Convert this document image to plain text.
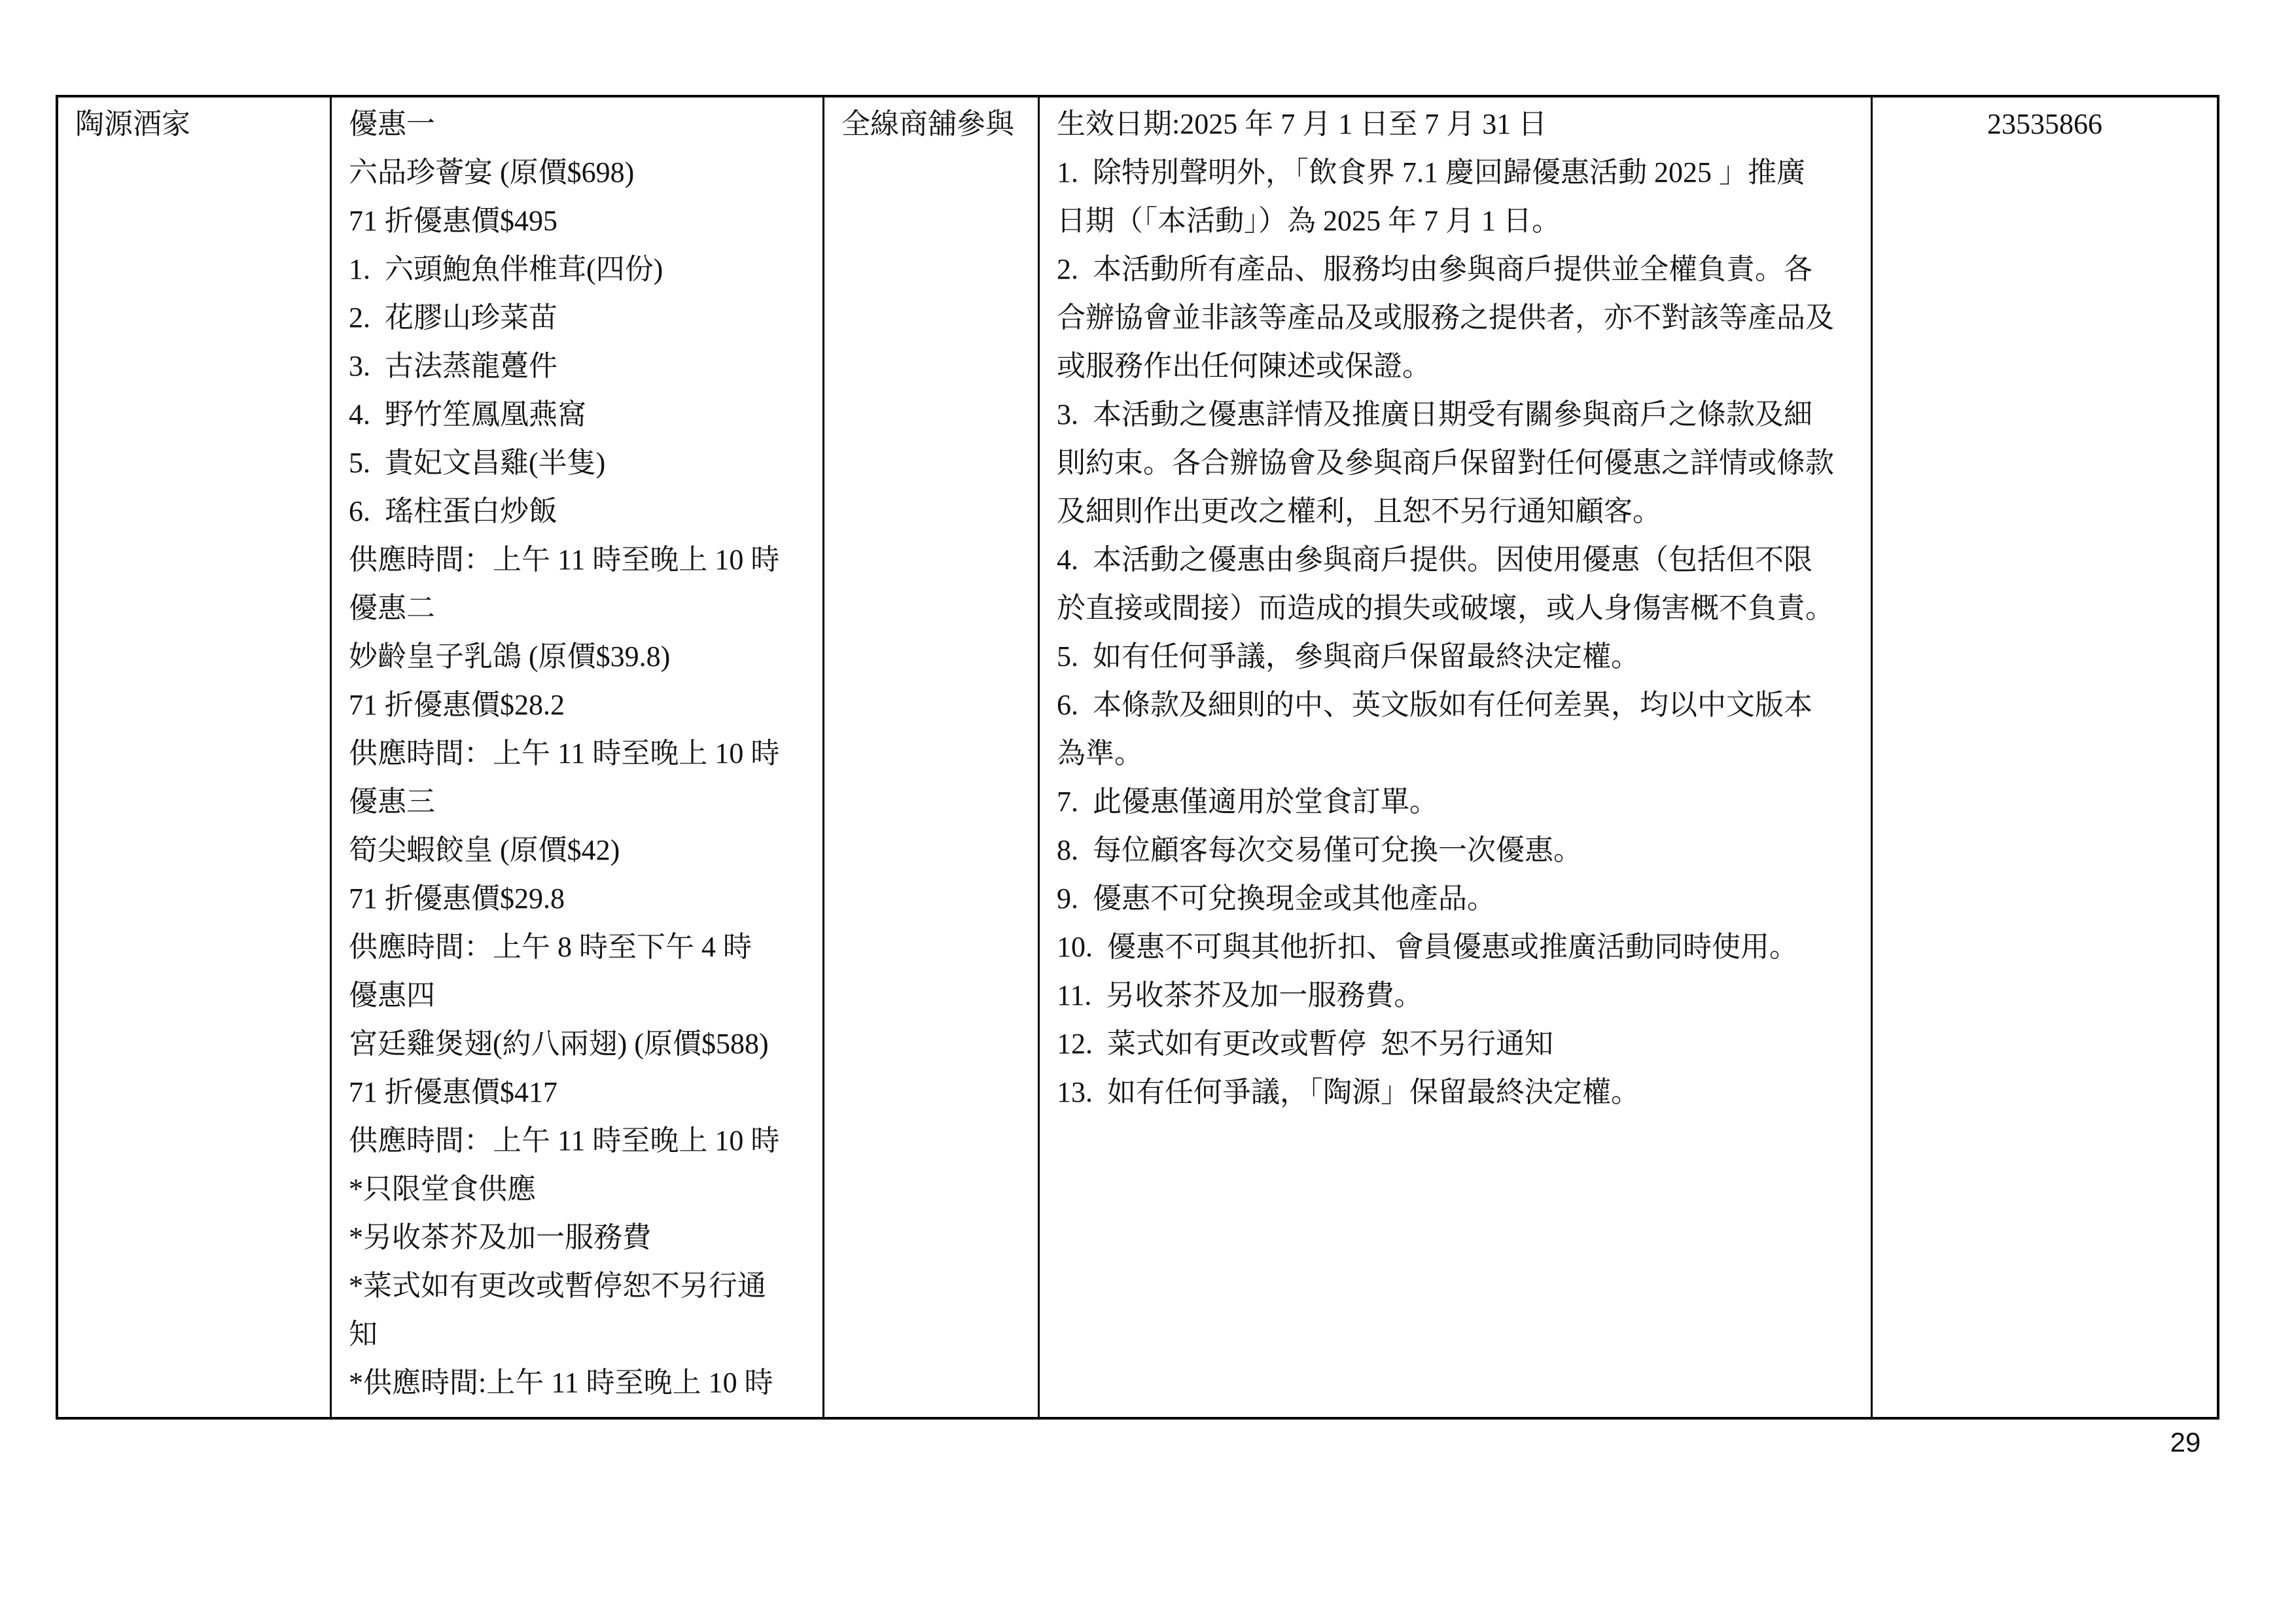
陶源酒家	優惠一
六品珍薈宴 (原價$698)
71 折優惠價$495
1.  六頭鮑魚伴椎茸(四份)
2.  花膠山珍菜苗
3.  古法蒸龍躉件
4.  野竹笙鳳凰燕窩
5.  貴妃文昌雞(半隻)
6.  瑤柱蛋白炒飯
供應時間：上午 11 時至晚上 10 時
優惠二
妙齡皇子乳鴿 (原價$39.8)
71 折優惠價$28.2
供應時間：上午 11 時至晚上 10 時
優惠三
筍尖蝦餃皇 (原價$42)
71 折優惠價$29.8
供應時間：上午 8 時至下午 4 時
優惠四
宮廷雞煲翅(約八兩翅) (原價$588)
71 折優惠價$417
供應時間：上午 11 時至晚上 10 時
*只限堂食供應
*另收茶芥及加一服務費
*菜式如有更改或暫停恕不另行通
知
*供應時間:上午 11 時至晚上 10 時
全線商舖參與	生效日期:2025 年 7 月 1 日至 7 月 31 日
1.  除特別聲明外，「飲食界 7.1 慶回歸優惠活動 2025 」推廣
日期（「本活動」）為 2025 年 7 月 1 日。
2.  本活動所有產品、服務均由參與商戶提供並全權負責。各
合辦協會並非該等產品及或服務之提供者，亦不對該等產品及
或服務作出任何陳述或保證。
3.  本活動之優惠詳情及推廣日期受有關參與商戶之條款及細
則約束。各合辦協會及參與商戶保留對任何優惠之詳情或條款
及細則作出更改之權利，且恕不另行通知顧客。
4.  本活動之優惠由參與商戶提供。因使用優惠（包括但不限
於直接或間接）而造成的損失或破壞，或人身傷害概不負責。
5.  如有任何爭議，參與商戶保留最終決定權。
6.  本條款及細則的中、英文版如有任何差異，均以中文版本
為準。
7.  此優惠僅適用於堂食訂單。
8.  每位顧客每次交易僅可兌換一次優惠。
9.  優惠不可兌換現金或其他產品。
10.  優惠不可與其他折扣、會員優惠或推廣活動同時使用。
11.  另收茶芥及加一服務費。
12.  菜式如有更改或暫停  恕不另行通知
13.  如有任何爭議，「陶源」保留最終決定權。
23535866
29
